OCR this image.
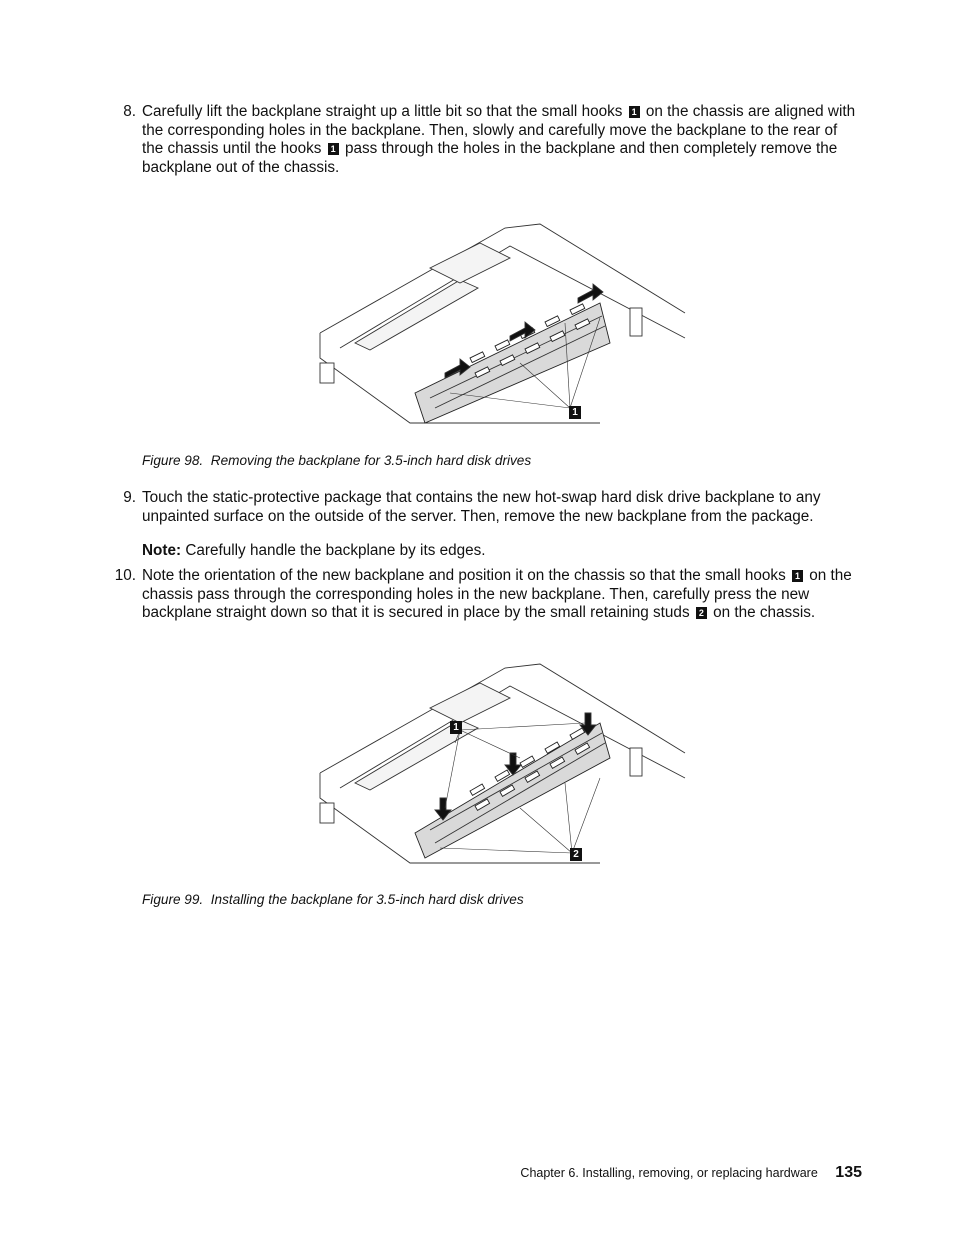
8. Carefully lift the backplane straight up a little bit so that the small hooks 1 on the chassis are aligned with the corresponding holes in the backplane. Then, slowly and carefully move the backplane to the rear of the chassis until the hooks 1 pass through the holes in the backplane and then completely remove the backplane out of the chassis.
1
Figure 98. Removing the backplane for 3.5-inch hard disk drives
9. Touch the static-protective package that contains the new hot-swap hard disk drive backplane to any unpainted surface on the outside of the server. Then, remove the new backplane from the package.
Note: Carefully handle the backplane by its edges.
10. Note the orientation of the new backplane and position it on the chassis so that the small hooks 1 on the chassis pass through the corresponding holes in the new backplane. Then, carefully press the new backplane straight down so that it is secured in place by the small retaining studs 2 on the chassis.
1
2
Figure 99. Installing the backplane for 3.5-inch hard disk drives
Chapter 6. Installing, removing, or replacing hardware 135
